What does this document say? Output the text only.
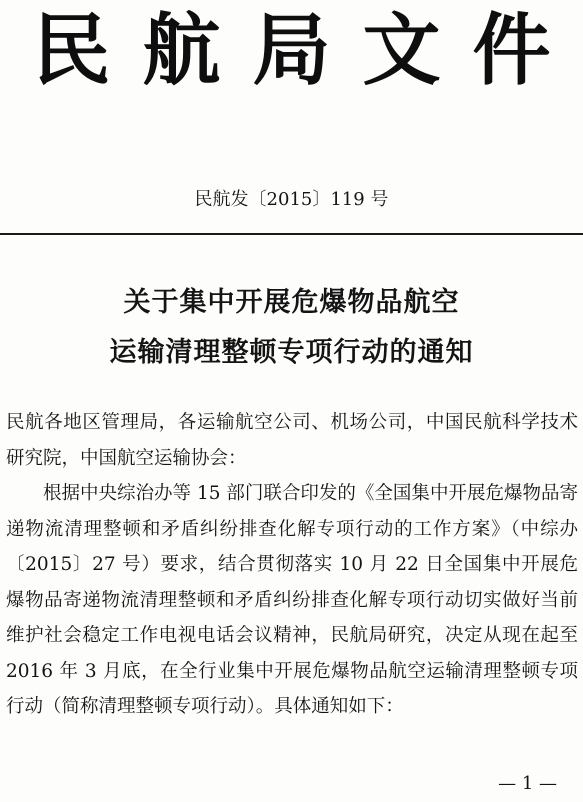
民航局文件
民航发〔2015〕119 号
关于集中开展危爆物品航空
运输清理整顿专项行动的通知

民航各地区管理局，各运输航空公司、机场公司，中国民航科学技术研究院，中国航空运输协会：

根据中央综治办等 15 部门联合印发的《全国集中开展危爆物品寄递物流清理整顿和矛盾纠纷排查化解专项行动的工作方案》（中综办〔2015〕27 号）要求，结合贯彻落实 10 月 22 日全国集中开展危爆物品寄递物流清理整顿和矛盾纠纷排查化解专项行动切实做好当前维护社会稳定工作电视电话会议精神，民航局研究，决定从现在起至 2016 年 3 月底，在全行业集中开展危爆物品航空运输清理整顿专项行动（简称清理整顿专项行动）。具体通知如下：

— 1 —
